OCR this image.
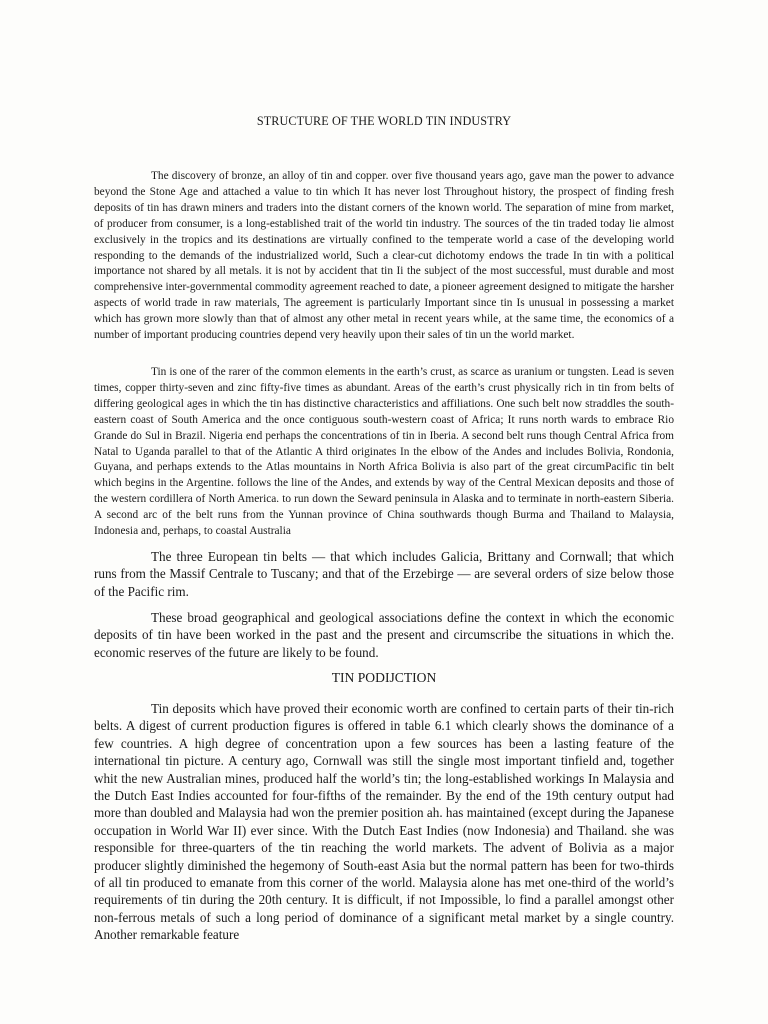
STRUCTURE OF THE WORLD TIN INDUSTRY

The discovery of bronze, an alloy of tin and copper. over five thousand years ago, gave man the power to advance beyond the Stone Age and attached a value to tin which It has never lost Throughout history, the prospect of finding fresh deposits of tin has drawn miners and traders into the distant corners of the known world. The separation of mine from market, of producer from consumer, is a long-established trait of the world tin industry. The sources of the tin traded today lie almost exclusively in the tropics and its destinations are virtually confined to the temperate world a case of the developing world responding to the demands of the industrialized world, Such a clear-cut dichotomy endows the trade In tin with a political importance not shared by all metals. it is not by accident that tin Ii the subject of the most successful, must durable and most comprehensive inter-governmental commodity agreement reached to date, a pioneer agreement designed to mitigate the harsher aspects of world trade in raw materials, The agreement is particularly Important since tin Is unusual in possessing a market which has grown more slowly than that of almost any other metal in recent years while, at the same time, the economics of a number of important producing countries depend very heavily upon their sales of tin un the world market.

Tin is one of the rarer of the common elements in the earth’s crust, as scarce as uranium or tungsten. Lead is seven times, copper thirty-seven and zinc fifty-five times as abundant. Areas of the earth’s crust physically rich in tin from belts of differing geological ages in which the tin has distinctive characteristics and affiliations. One such belt now straddles the south-eastern coast of South America and the once contiguous south-western coast of Africa; It runs north wards to embrace Rio Grande do Sul in Brazil. Nigeria end perhaps the concentrations of tin in Iberia. A second belt runs though Central Africa from Natal to Uganda parallel to that of the Atlantic A third originates In the elbow of the Andes and includes Bolivia, Rondonia, Guyana, and perhaps extends to the Atlas mountains in North Africa Bolivia is also part of the great circumPacific tin belt which begins in the Argentine. follows the line of the Andes, and extends by way of the Central Mexican deposits and those of the western cordillera of North America. to run down the Seward peninsula in Alaska and to terminate in north-eastern Siberia. A second arc of the belt runs from the Yunnan province of China southwards though Burma and Thailand to Malaysia, Indonesia and, perhaps, to coastal Australia

The three European tin belts — that which includes Galicia, Brittany and Cornwall; that which runs from the Massif Centrale to Tuscany; and that of the Erzebirge — are several orders of size below those of the Pacific rim.

These broad geographical and geological associations define the context in which the economic deposits of tin have been worked in the past and the present and circumscribe the situations in which the. economic reserves of the future are likely to be found.

TIN PODIJCTION

Tin deposits which have proved their economic worth are confined to certain parts of their tin-rich belts. A digest of current production figures is offered in table 6.1 which clearly shows the dominance of a few countries. A high degree of concentration upon a few sources has been a lasting feature of the international tin picture. A century ago, Cornwall was still the single most important tinfield and, together whit the new Australian mines, produced half the world’s tin; the long-established workings In Malaysia and the Dutch East Indies accounted for four-fifths of the remainder. By the end of the 19th century output had more than doubled and Malaysia had won the premier position ah. has maintained (except during the Japanese occupation in World War II) ever since. With the Dutch East Indies (now Indonesia) and Thailand. she was responsible for three-quarters of the tin reaching the world markets. The advent of Bolivia as a major producer slightly diminished the hegemony of South-east Asia but the normal pattern has been for two-thirds of all tin produced to emanate from this corner of the world. Malaysia alone has met one-third of the world’s requirements of tin during the 20th century. It is difficult, if not Impossible, lo find a parallel amongst other non-ferrous metals of such a long period of dominance of a significant metal market by a single country. Another remarkable feature
